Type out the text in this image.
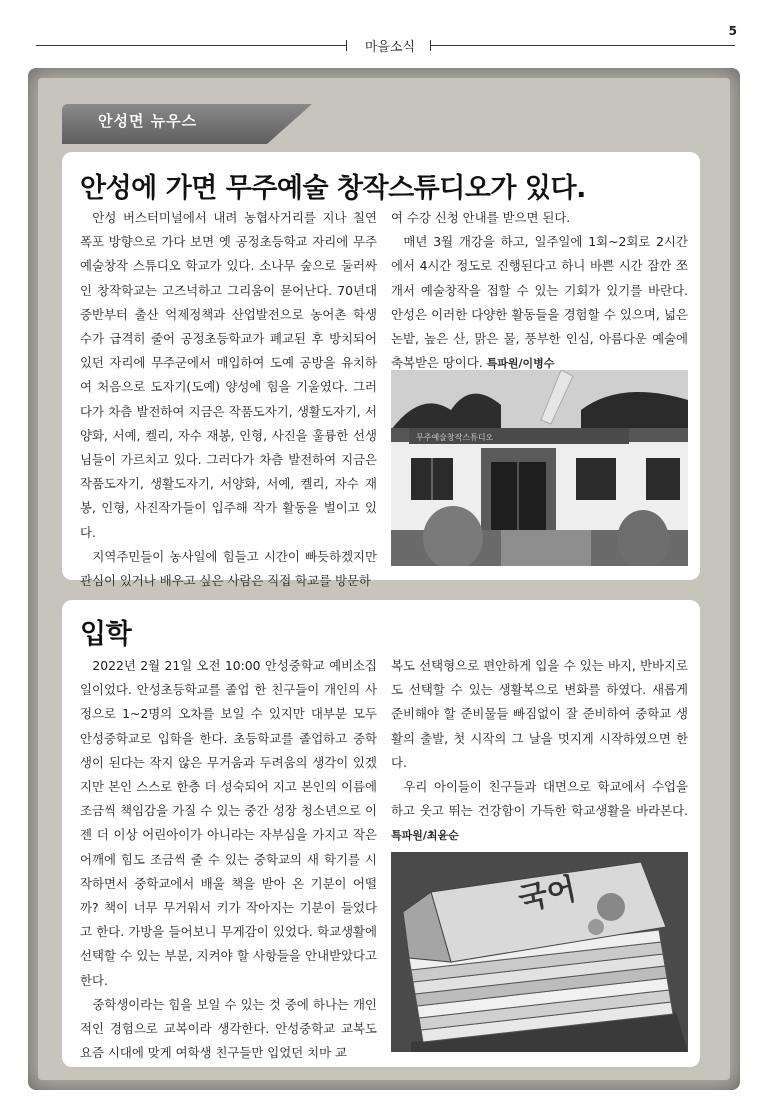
5
마을소식
안성면 뉴우스
안성에 가면 무주예술 창작스튜디오가 있다.

안성 버스터미널에서 내려 농협사거리를 지나 칠연 폭포 방향으로 가다 보면 옛 공정초등학교 자리에 무주 예술창작 스튜디오 학교가 있다. 소나무 숲으로 둘러싸인 창작학교는 고즈넉하고 그리움이 묻어난다. 70년대 중반부터 출산 억제정책과 산업발전으로 농어촌 학생 수가 급격히 줄어 공정초등학교가 폐교된 후 방치되어 있던 자리에 무주군에서 매입하여 도예 공방을 유치하여 처음으로 도자기(도예) 양성에 힘을 기울였다. 그러다가 차츰 발전하여 지금은 작품도자기, 생활도자기, 서양화, 서예, 켈리, 자수 재봉, 인형, 사진을 훌륭한 선생님들이 가르치고 있다. 그러다가 차츰 발전하여 지금은 작품도자기, 생활도자기, 서양화, 서예, 켈리, 자수 재봉, 인형, 사진작가들이 입주해 작가 활동을 벌이고 있다.

지역주민들이 농사일에 힘들고 시간이 빠듯하겠지만 관심이 있거나 배우고 싶은 사람은 직접 학교를 방문하

여 수강 신청 안내를 받으면 된다.

매년 3월 개강을 하고, 일주일에 1회~2회로 2시간에서 4시간 정도로 진행된다고 하니 바쁜 시간 잠깐 쪼개서 예술창작을 접할 수 있는 기회가 있기를 바란다. 안성은 이러한 다양한 활동들을 경험할 수 있으며, 넓은 논밭, 높은 산, 맑은 물, 풍부한 인심, 아름다운 예술에 축복받은 땅이다. 특파원/이병수

무주예술창작스튜디오
입학

2022년 2월 21일 오전 10:00 안성중학교 예비소집일이었다. 안성초등학교를 졸업 한 친구들이 개인의 사정으로 1~2명의 오차를 보일 수 있지만 대부분 모두 안성중학교로 입학을 한다. 초등학교를 졸업하고 중학생이 된다는 작지 않은 무거움과 두려움의 생각이 있겠지만 본인 스스로 한층 더 성숙되어 지고 본인의 이름에 조금씩 책임감을 가질 수 있는 중간 성장 청소년으로 이젠 더 이상 어린아이가 아니라는 자부심을 가지고 작은 어깨에 힘도 조금씩 줄 수 있는 중학교의 새 학기를 시작하면서 중학교에서 배울 책을 받아 온 기분이 어떨까? 책이 너무 무거워서 키가 작아지는 기분이 들었다고 한다. 가방을 들어보니 무게감이 있었다. 학교생활에 선택할 수 있는 부분, 지켜야 할 사항들을 안내받았다고 한다.

중학생이라는 힘을 보일 수 있는 것 중에 하나는 개인적인 경험으로 교복이라 생각한다. 안성중학교 교복도 요즘 시대에 맞게 여학생 친구들만 입었던 치마 교

복도 선택형으로 편안하게 입을 수 있는 바지, 반바지로도 선택할 수 있는 생활복으로 변화를 하였다. 새롭게 준비해야 할 준비물들 빠짐없이 잘 준비하여 중학교 생활의 출발, 첫 시작의 그 날을 멋지게 시작하였으면 한다.

우리 아이들이 친구들과 대면으로 학교에서 수업을 하고 웃고 뛰는 건강함이 가득한 학교생활을 바라본다. 특파원/최윤순

국어
